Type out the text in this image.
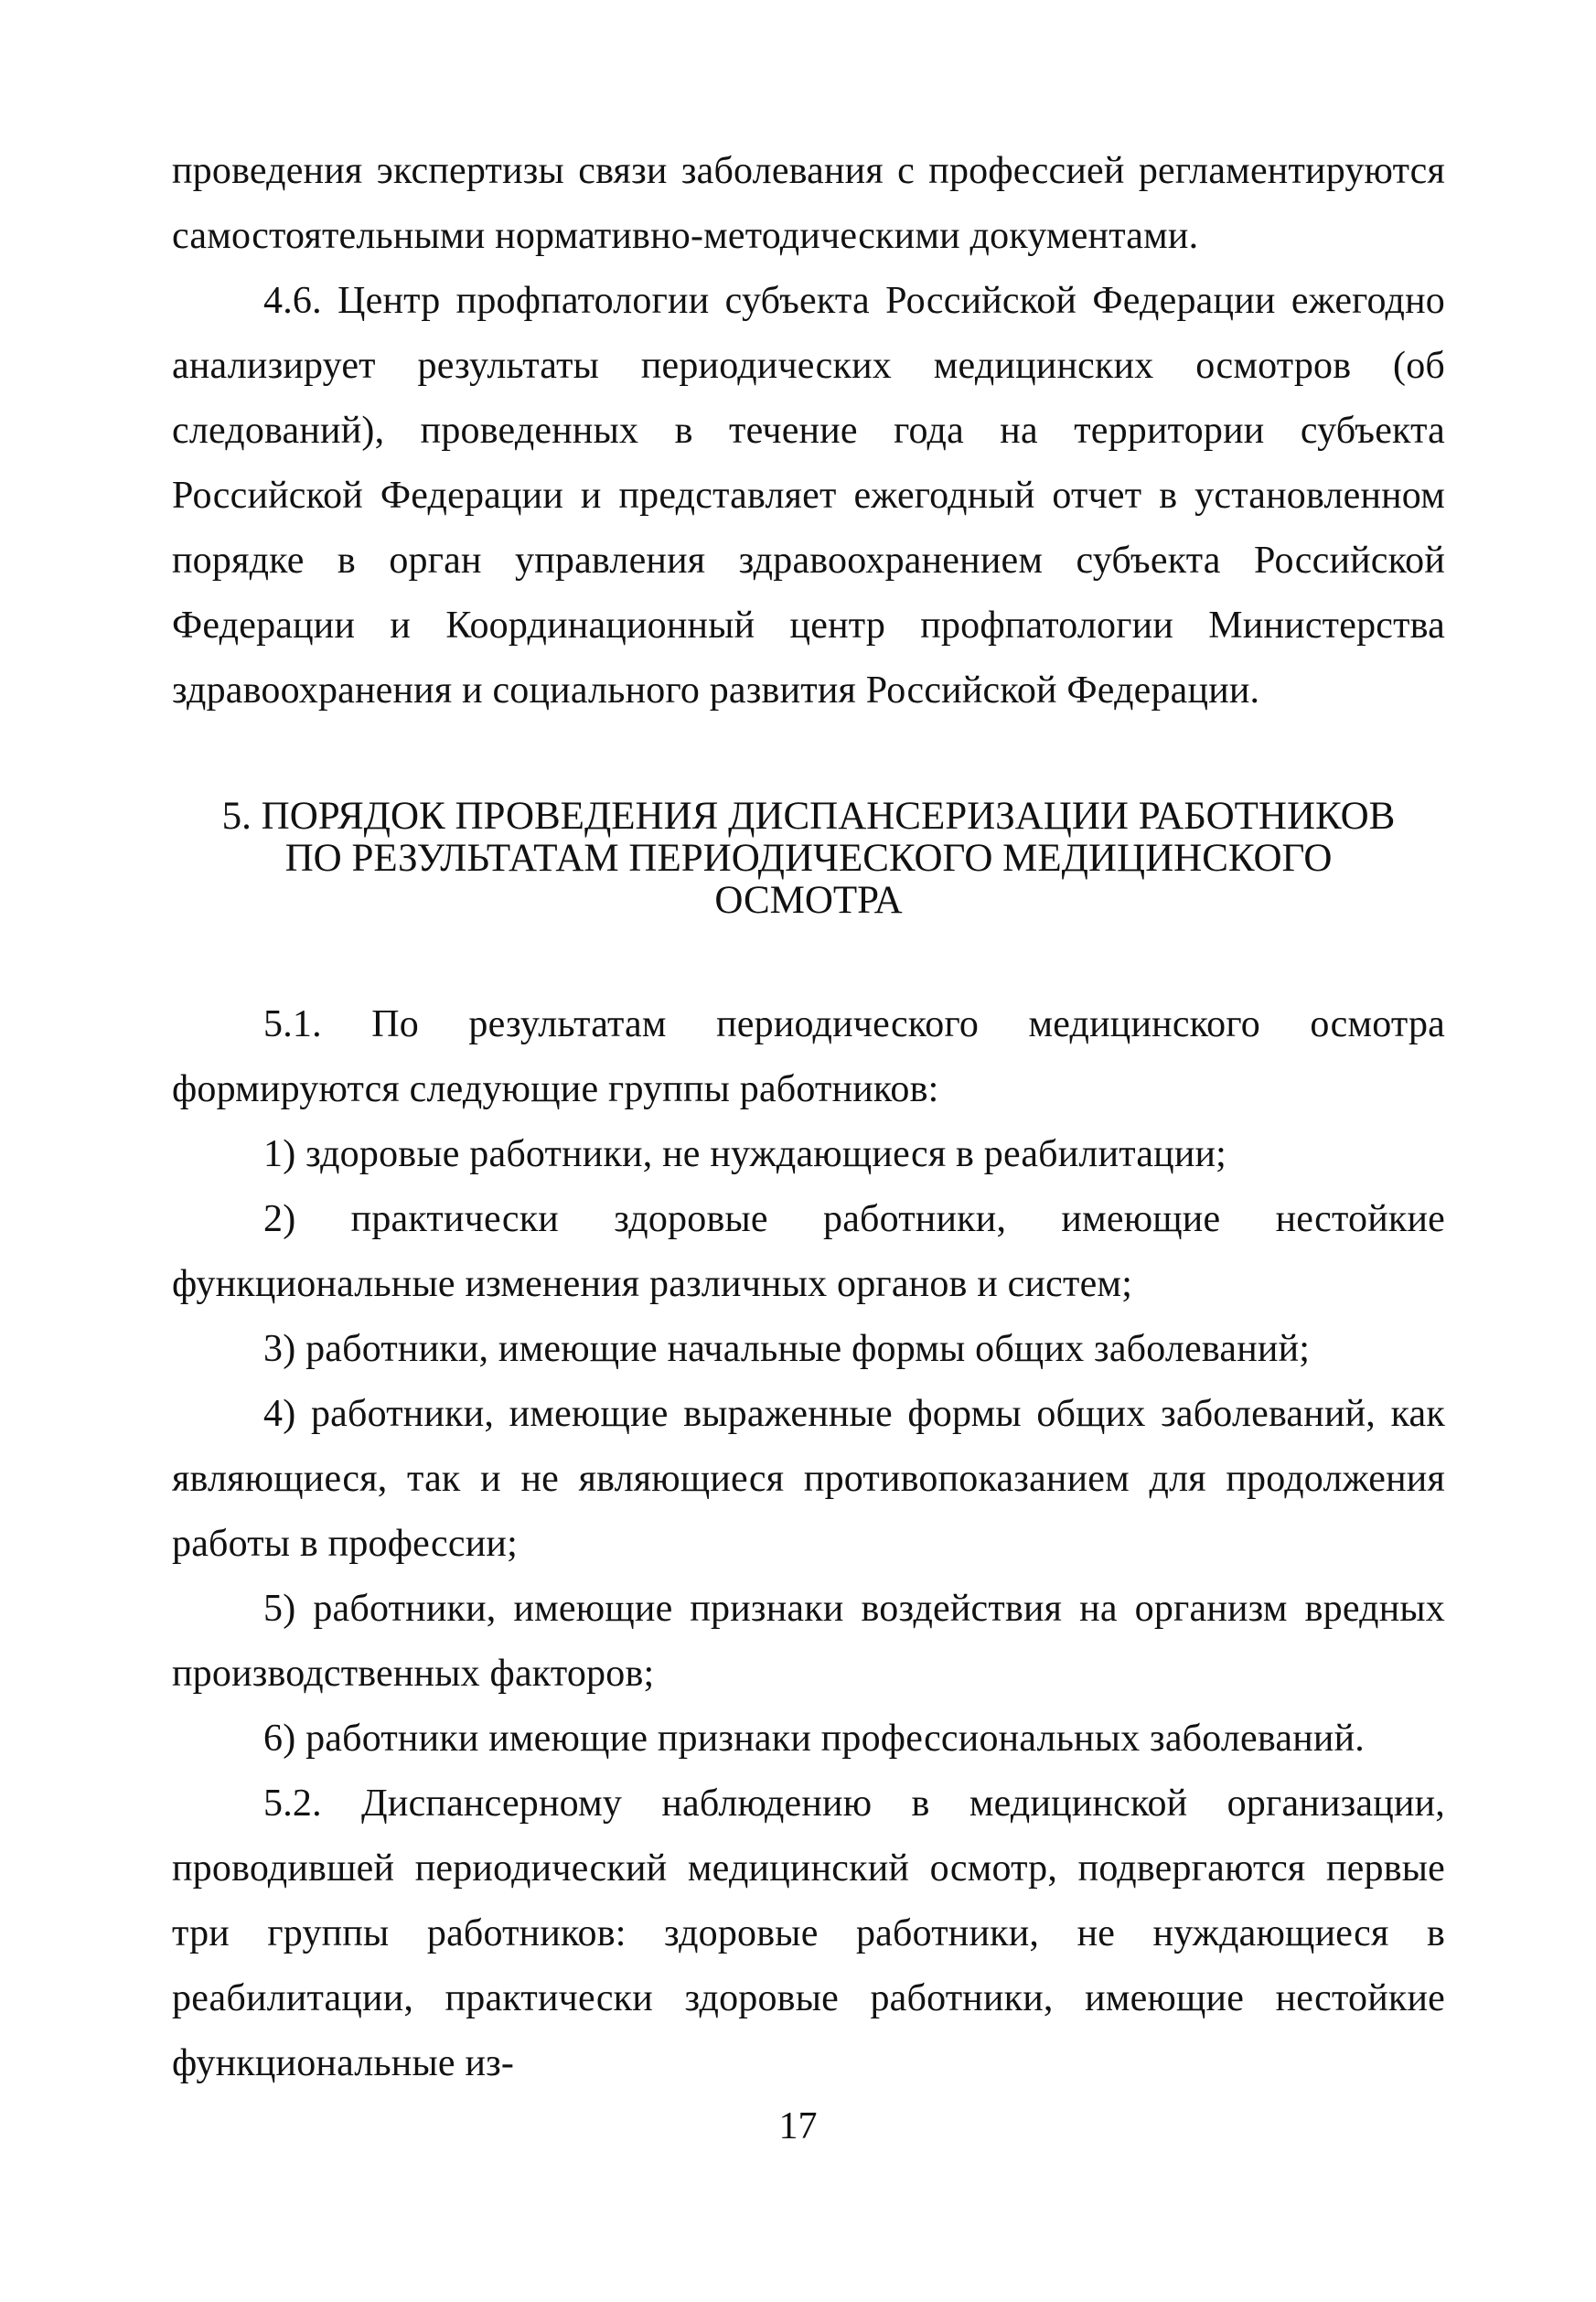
проведения экспертизы связи заболевания с профессией регламентируются самостоятельными нормативно-методическими документами.

4.6. Центр профпатологии субъекта Российской Федерации ежегодно анализирует результаты периодических медицинских осмотров (об следований), проведенных в течение года на территории субъекта Российской Федерации и представляет ежегодный отчет в установленном порядке в орган управления здравоохранением субъекта Российской Федерации и Координационный центр профпатологии Министерства здравоохранения и социального развития Российской Федерации.

5. ПОРЯДОК ПРОВЕДЕНИЯ ДИСПАНСЕРИЗАЦИИ РАБОТНИКОВ
ПО РЕЗУЛЬТАТАМ ПЕРИОДИЧЕСКОГО МЕДИЦИНСКОГО
ОСМОТРА

5.1. По результатам периодического медицинского осмотра формируются следующие группы работников:

1) здоровые работники, не нуждающиеся в реабилитации;

2) практически здоровые работники, имеющие нестойкие функциональные изменения различных органов и систем;

3) работники, имеющие начальные формы общих заболеваний;

4) работники, имеющие выраженные формы общих заболеваний, как являющиеся, так и не являющиеся противопоказанием для продолжения работы в профессии;

5) работники, имеющие признаки воздействия на организм вредных производственных факторов;

6) работники имеющие признаки профессиональных заболеваний.

5.2. Диспансерному наблюдению в медицинской организации, проводившей периодический медицинский осмотр, подвергаются первые три группы работников: здоровые работники, не нуждающиеся в реабилитации, практически здоровые работники, имеющие нестойкие функциональные из-

17
